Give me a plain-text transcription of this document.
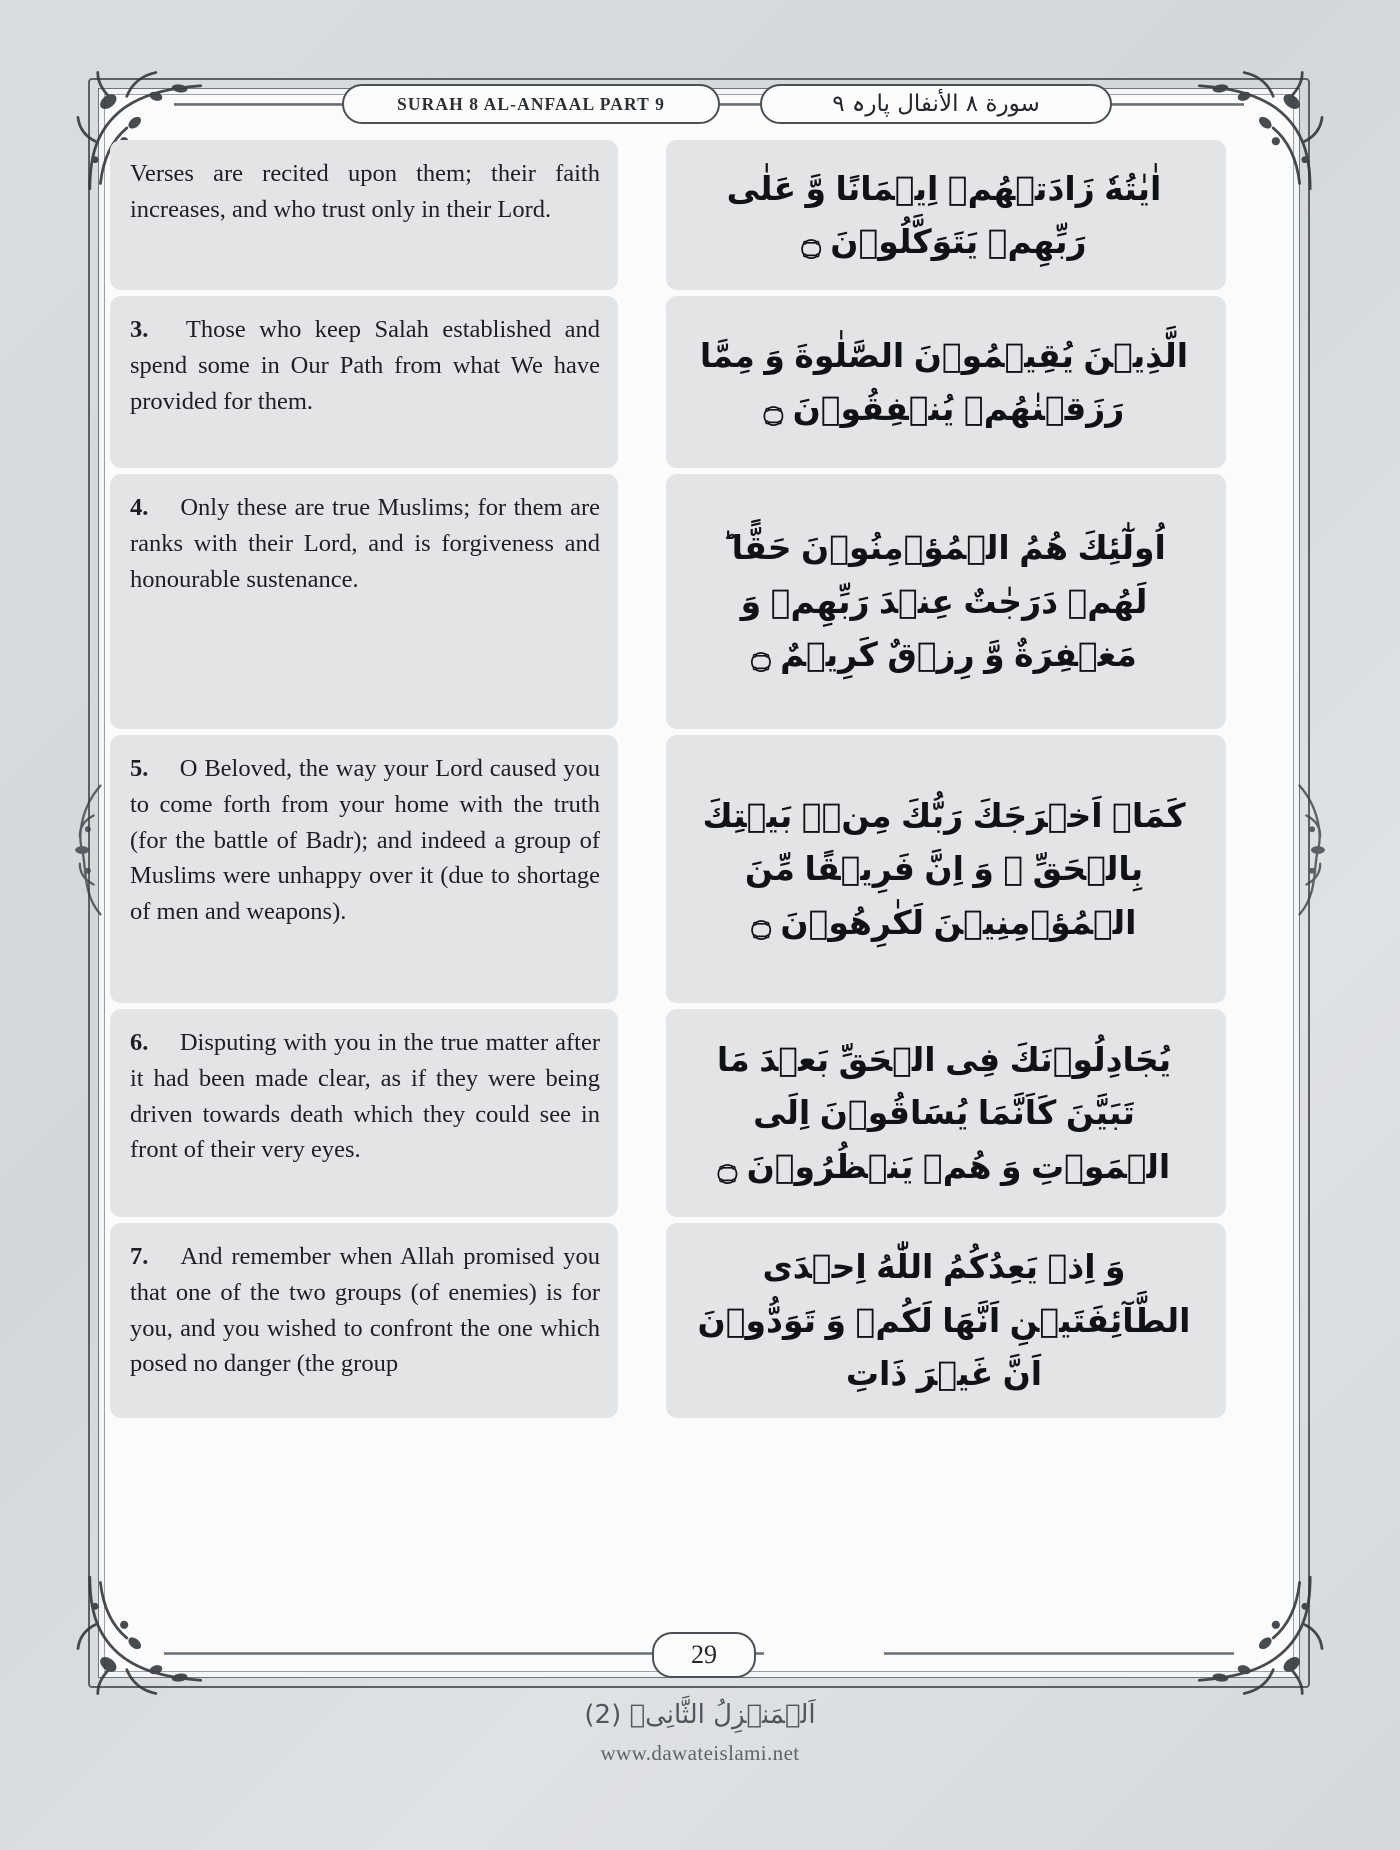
SURAH 8 AL-ANFAAL PART 9	سورة ٨ الأنفال پارہ ٩
Verses are recited upon them; their faith increases, and who trust only in their Lord.
3.  Those who keep Salah established and spend some in Our Path from what We have provided for them.
4.  Only these are true Muslims; for them are ranks with their Lord, and is forgiveness and honourable sustenance.
5.  O Beloved, the way your Lord caused you to come forth from your home with the truth (for the battle of Badr); and indeed a group of Muslims were unhappy over it (due to shortage of men and weapons).
6.  Disputing with you in the true matter after it had been made clear, as if they were being driven towards death which they could see in front of their very eyes.
7.  And remember when Allah promised you that one of the two groups (of enemies) is for you, and you wished to confront the one which posed no danger (the group
اٰیٰتُهٗ زَادَتۡهُمۡ اِیۡمَانًا وَّ عَلٰی رَبِّهِمۡ یَتَوَکَّلُوۡنَ ۝
الَّذِیۡنَ یُقِیۡمُوۡنَ الصَّلٰوةَ وَ مِمَّا رَزَقۡنٰهُمۡ یُنۡفِقُوۡنَ ۝
اُولٰٓئِكَ هُمُ الۡمُؤۡمِنُوۡنَ حَقًّا ؕ لَهُمۡ دَرَجٰتٌ عِنۡدَ رَبِّهِمۡ وَ مَغۡفِرَةٌ وَّ رِزۡقٌ كَرِیۡمٌ ۝
كَمَاۤ اَخۡرَجَكَ رَبُّكَ مِنۡۢ بَیۡتِكَ بِالۡحَقِّ ۪ وَ اِنَّ فَرِیۡقًا مِّنَ الۡمُؤۡمِنِیۡنَ لَكٰرِهُوۡنَ ۝
یُجَادِلُوۡنَكَ فِی الۡحَقِّ بَعۡدَ مَا تَبَیَّنَ كَاَنَّمَا یُسَاقُوۡنَ اِلَی الۡمَوۡتِ وَ هُمۡ یَنۡظُرُوۡنَ ۝
وَ اِذۡ یَعِدُكُمُ اللّٰهُ اِحۡدَی الطَّآئِفَتَیۡنِ اَنَّهَا لَكُمۡ وَ تَوَدُّوۡنَ اَنَّ غَیۡرَ ذَاتِ
29
اَلۡمَنۡزِلُ الثَّانِیۡ (2)
www.dawateislami.net
